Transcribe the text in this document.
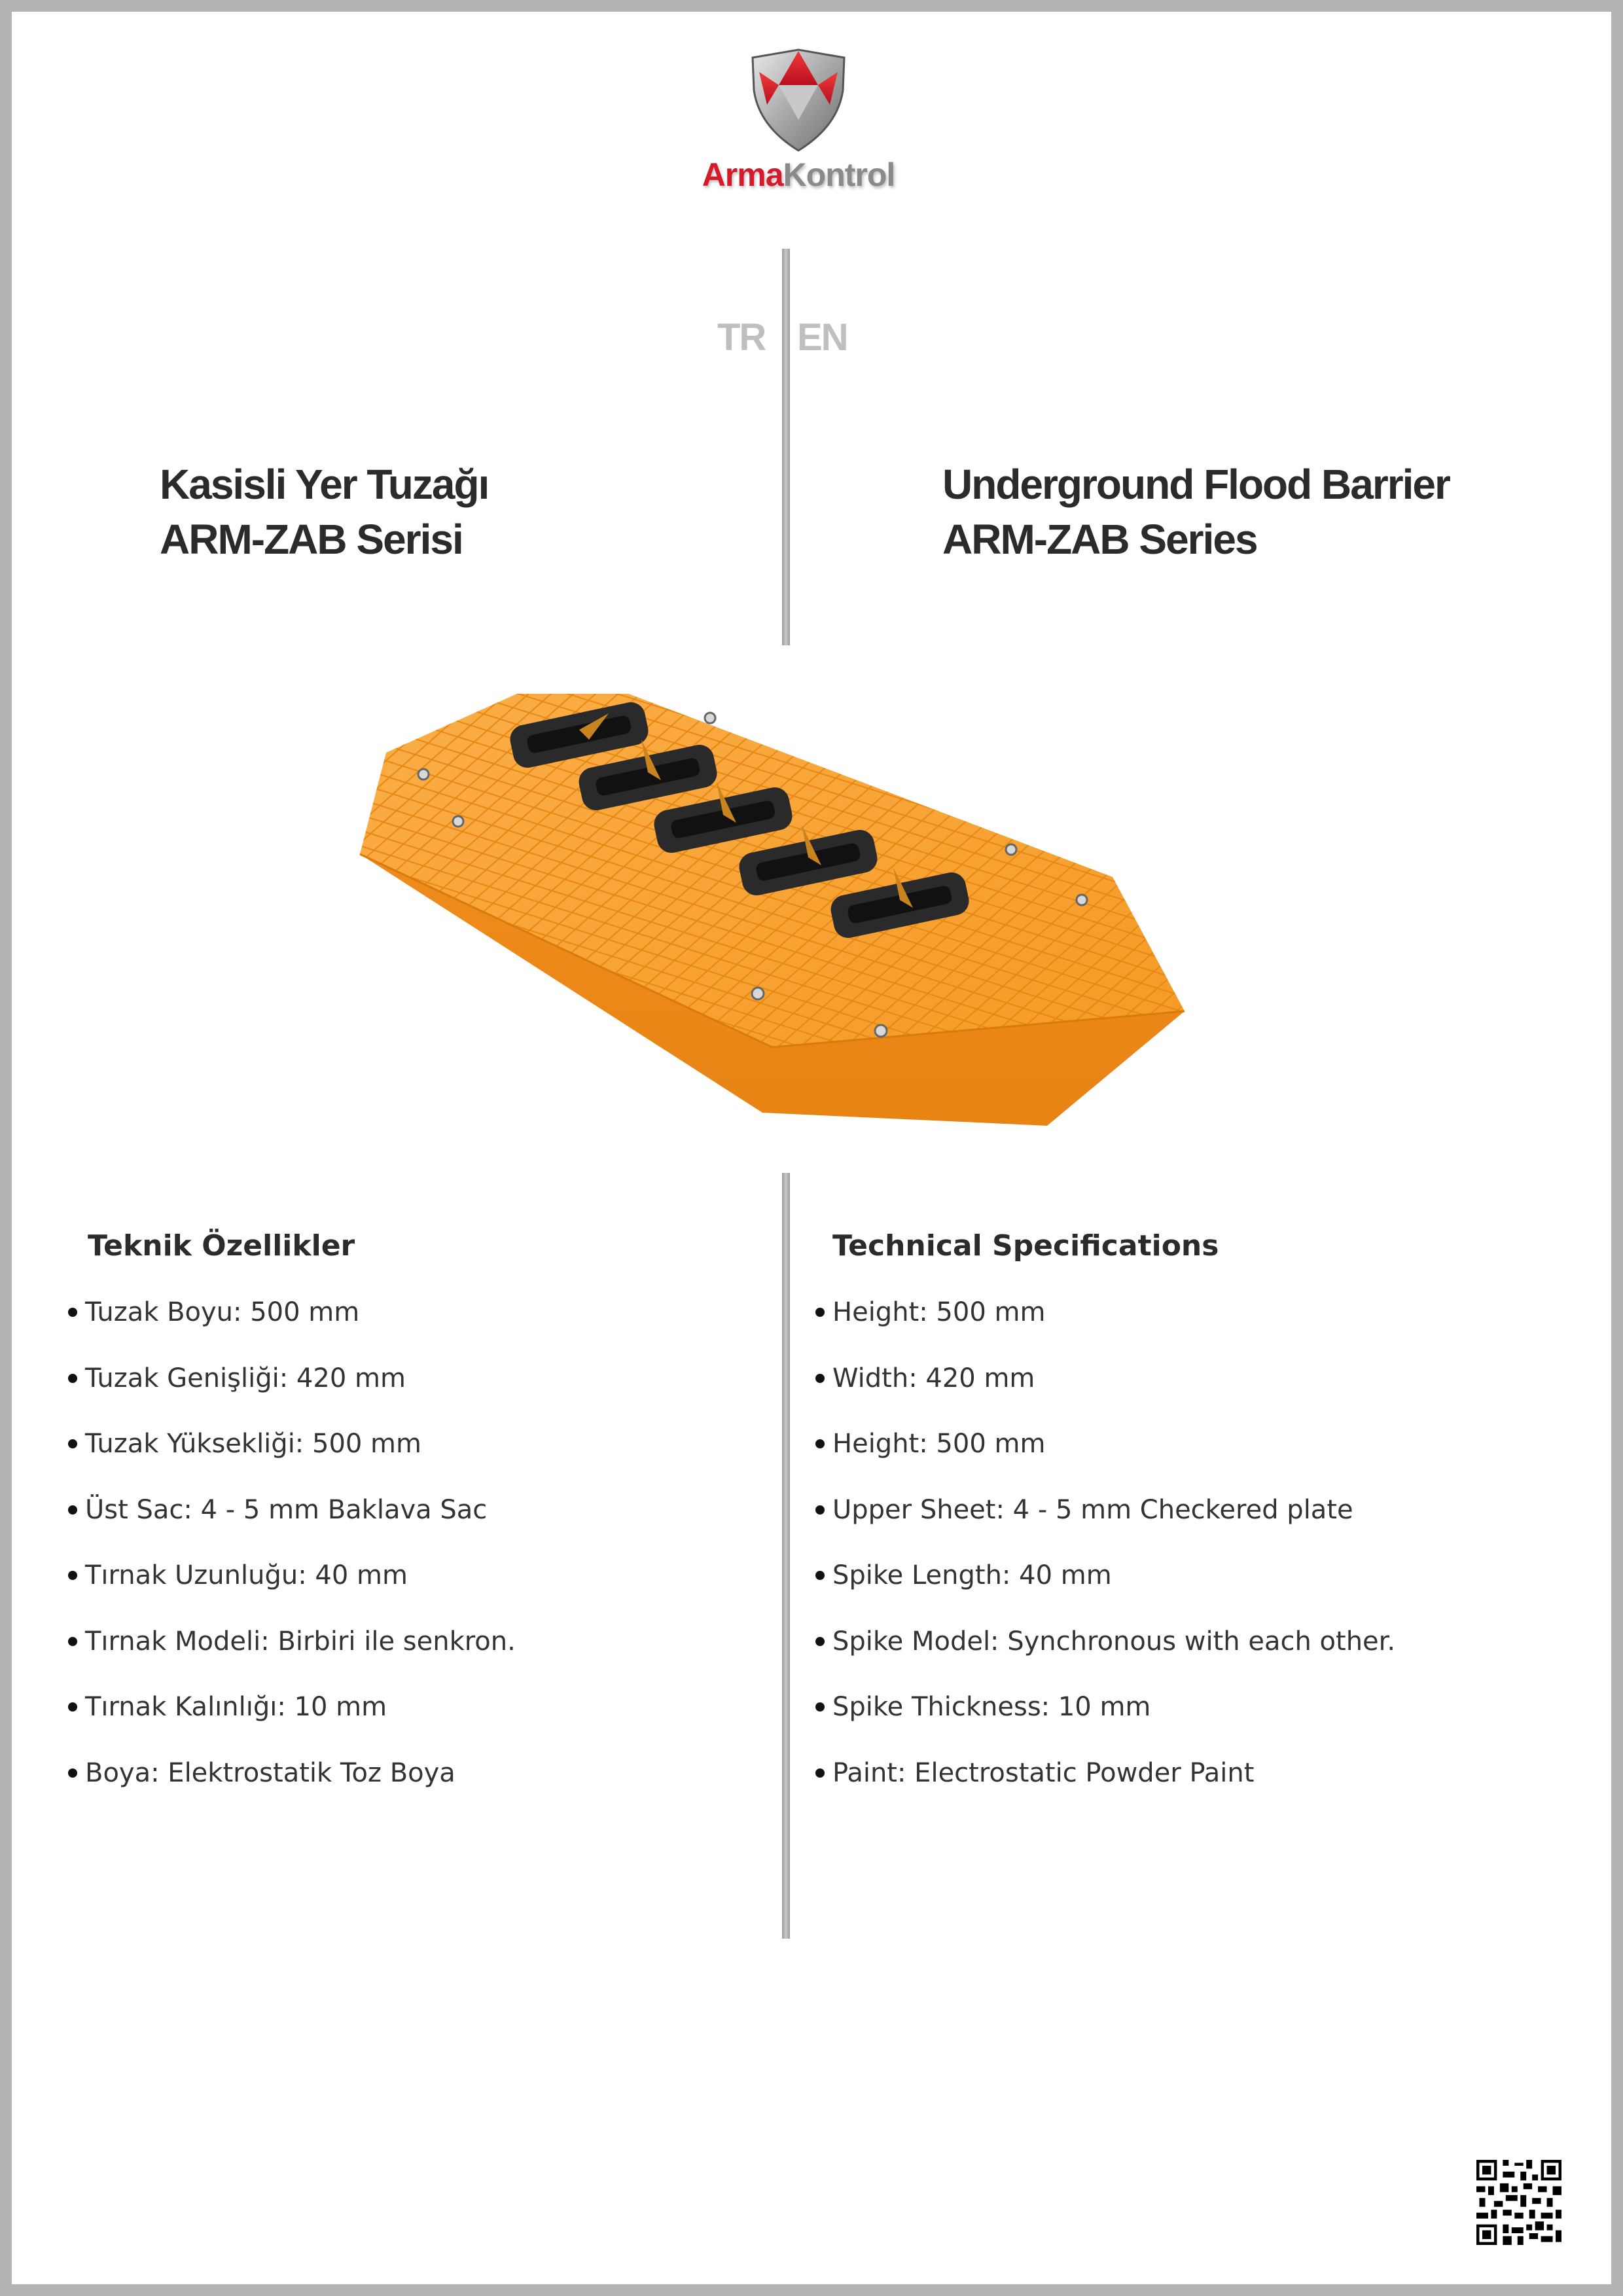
ArmaKontrol
TR EN
Kasisli Yer Tuzağı
ARM-ZAB Serisi
Underground Flood Barrier
ARM-ZAB Series
Teknik Özellikler	Technical Specifications
Tuzak Boyu: 500 mm
Tuzak Genişliği: 420 mm
Tuzak Yüksekliği: 500 mm
Üst Sac: 4 - 5 mm Baklava Sac
Tırnak Uzunluğu: 40 mm
Tırnak Modeli: Birbiri ile senkron.
Tırnak Kalınlığı: 10 mm
Boya: Elektrostatik Toz Boya
Height: 500 mm
Width: 420 mm
Height: 500 mm
Upper Sheet: 4 - 5 mm Checkered plate
Spike Length: 40 mm
Spike Model: Synchronous with each other.
Spike Thickness: 10 mm
Paint: Electrostatic Powder Paint
